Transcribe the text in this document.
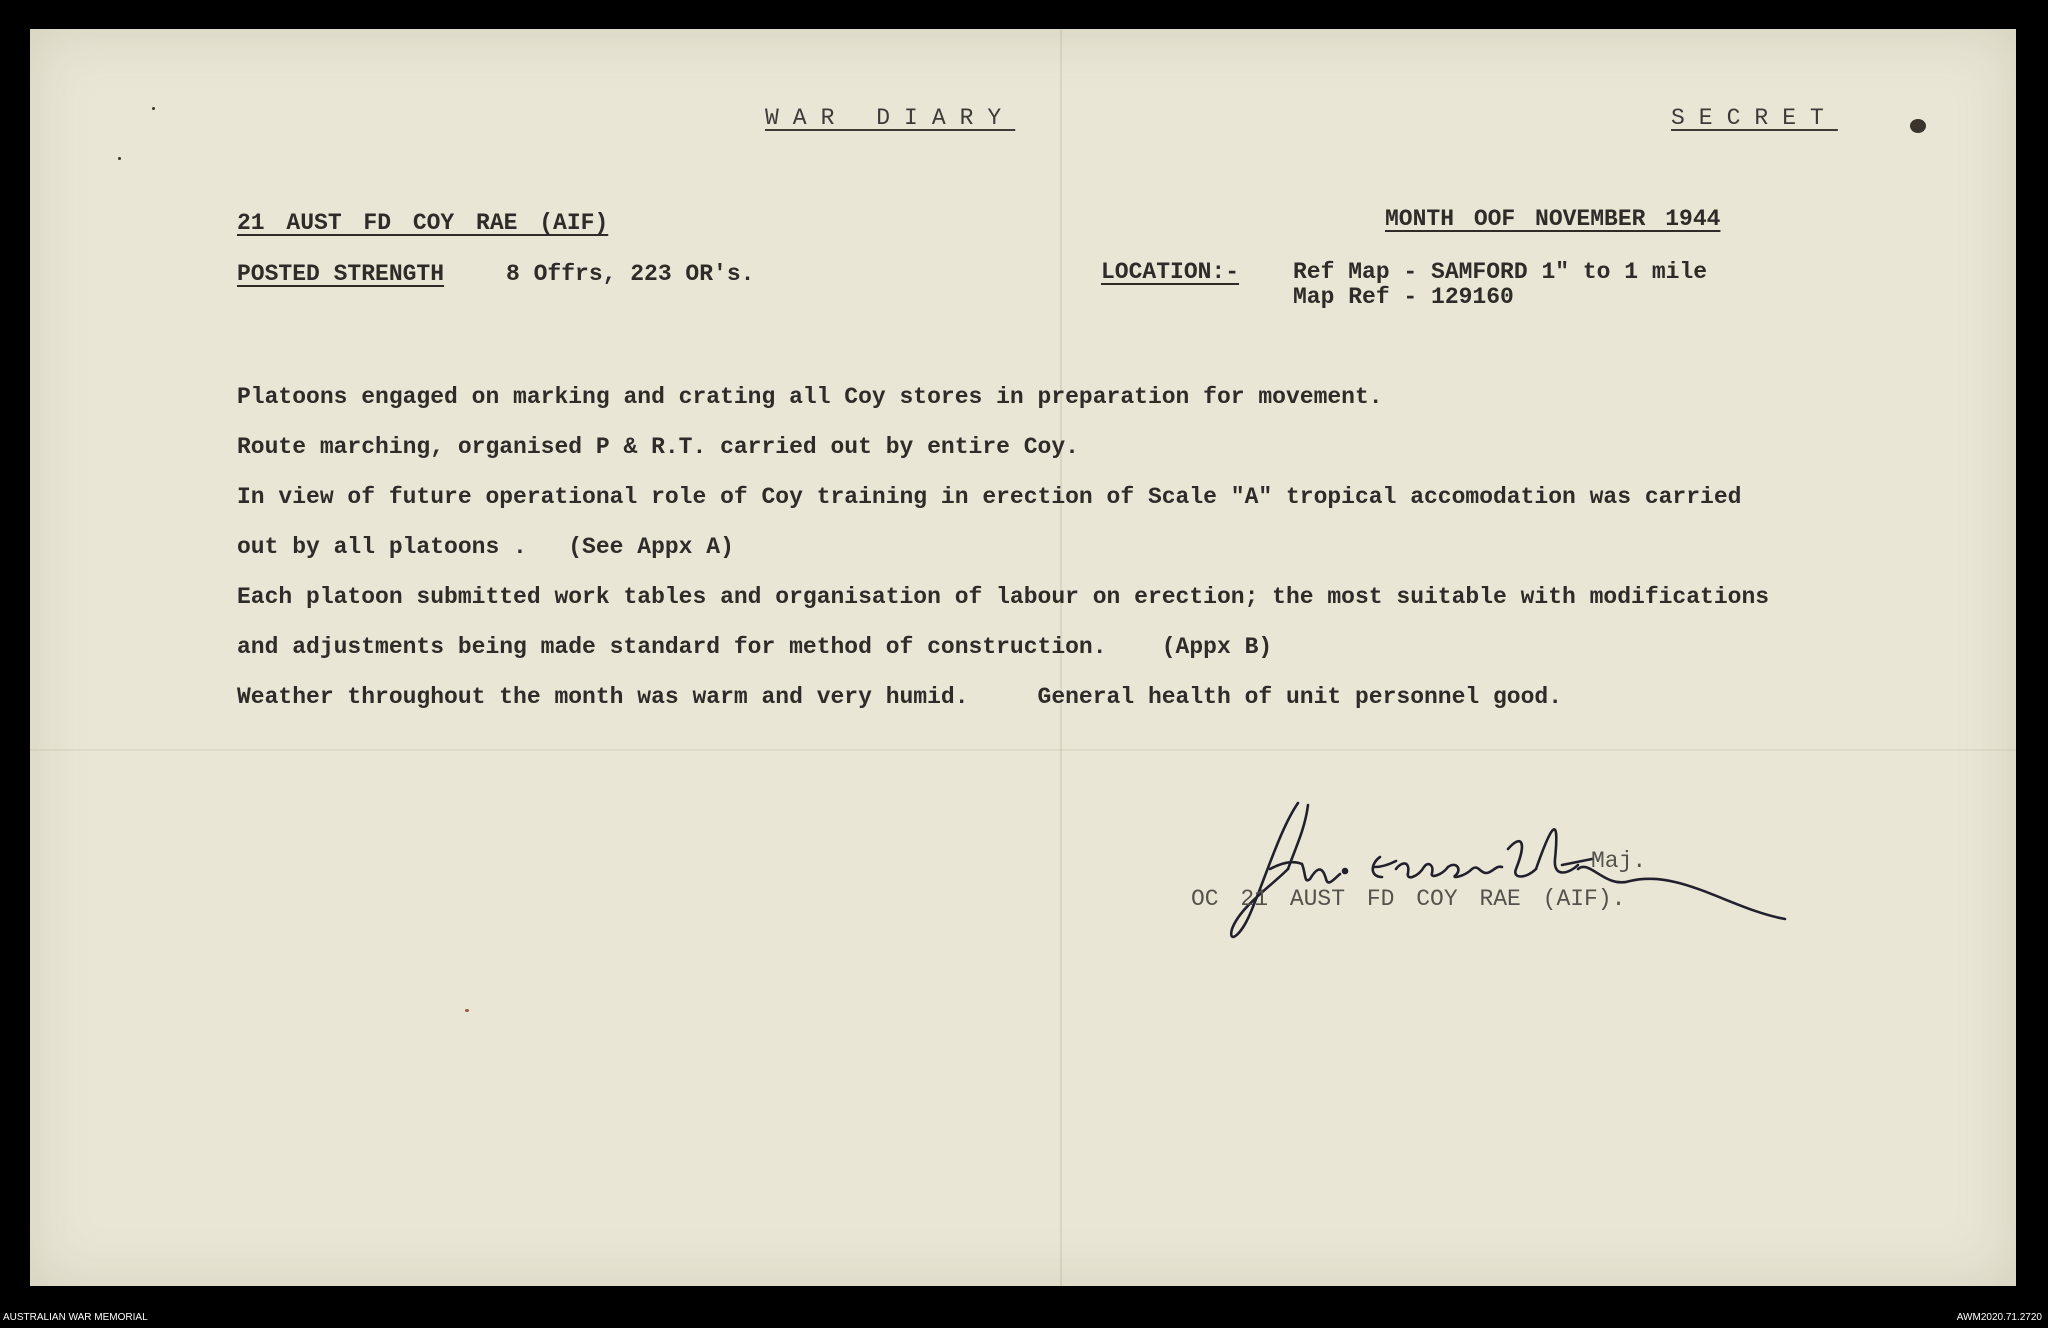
WAR DIARY	SECRET
21 AUST FD COY RAE (AIF)	MONTH OOF NOVEMBER 1944
POSTED STRENGTH	8 Offrs, 223 OR's.	LOCATION:- Ref Map - SAMFORD 1" to 1 mile
Map Ref - 129160
Platoons engaged on marking and crating all Coy stores in preparation for movement.
Route marching, organised P & R.T. carried out by entire Coy.
In view of future operational role of Coy training in erection of Scale "A" tropical accomodation was carried
out by all platoons .   (See Appx A)
Each platoon submitted work tables and organisation of labour on erection; the most suitable with modifications
and adjustments being made standard for method of construction.    (Appx B)
Weather throughout the month was warm and very humid.     General health of unit personnel good.
Maj.
OC 21 AUST FD COY RAE (AIF).
AUSTRALIAN WAR MEMORIAL	AWM2020.71.2720
